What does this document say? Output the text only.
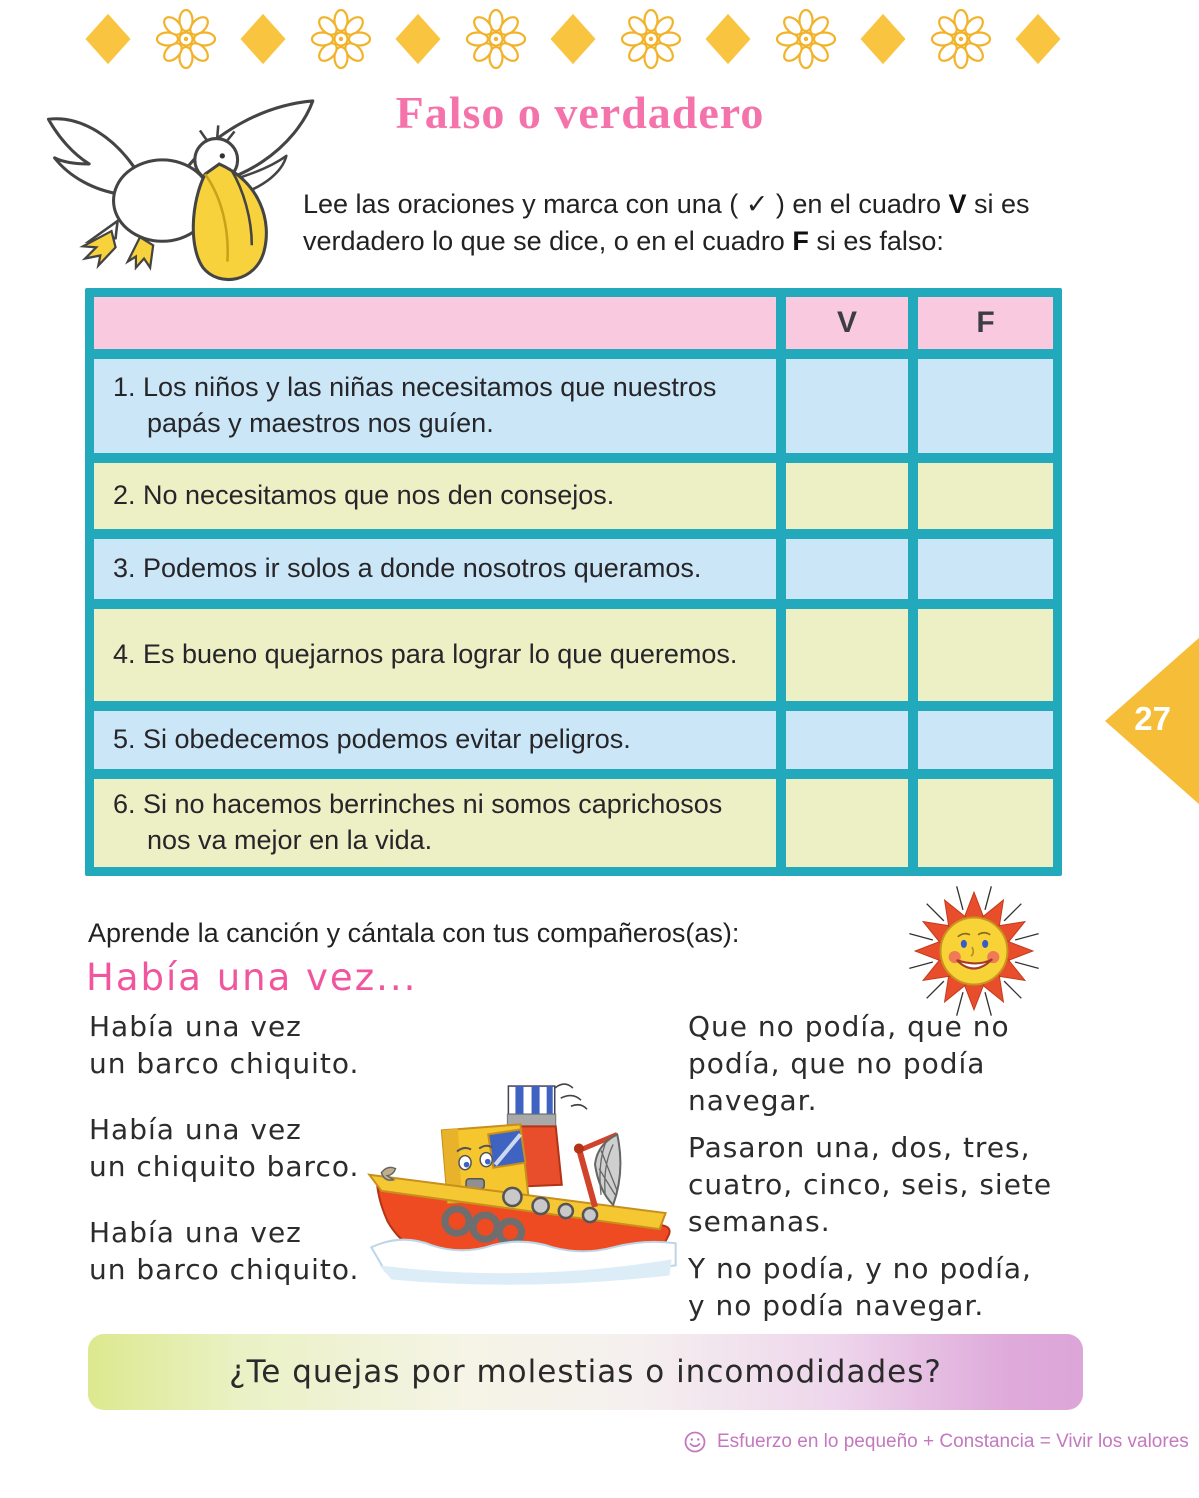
Falso o verdadero

Lee las oraciones y marca con una ( ✓ ) en el cuadro V si es verdadero lo que se dice, o en el cuadro F si es falso:

V	F
1. Los niños y las niñas necesitamos que nuestros papás y maestros nos guíen.
2. No necesitamos que nos den consejos.
3. Podemos ir solos a donde nosotros queramos.
4. Es bueno quejarnos para lograr lo que queremos.
5. Si obedecemos podemos evitar peligros.
6. Si no hacemos berrinches ni somos caprichosos nos va mejor en la vida.
27

Aprende la canción y cántala con tus compañeros(as):

Había una vez...
Había una vez
un barco chiquito.
Había una vez
un chiquito barco.
Había una vez
un barco chiquito.
Que no podía, que no
podía, que no podía
navegar.
Pasaron una, dos, tres,
cuatro, cinco, seis, siete
semanas.
Y no podía, y no podía,
y no podía navegar.
¿Te quejas por molestias o incomodidades?
Esfuerzo en lo pequeño + Constancia = Vivir los valores
